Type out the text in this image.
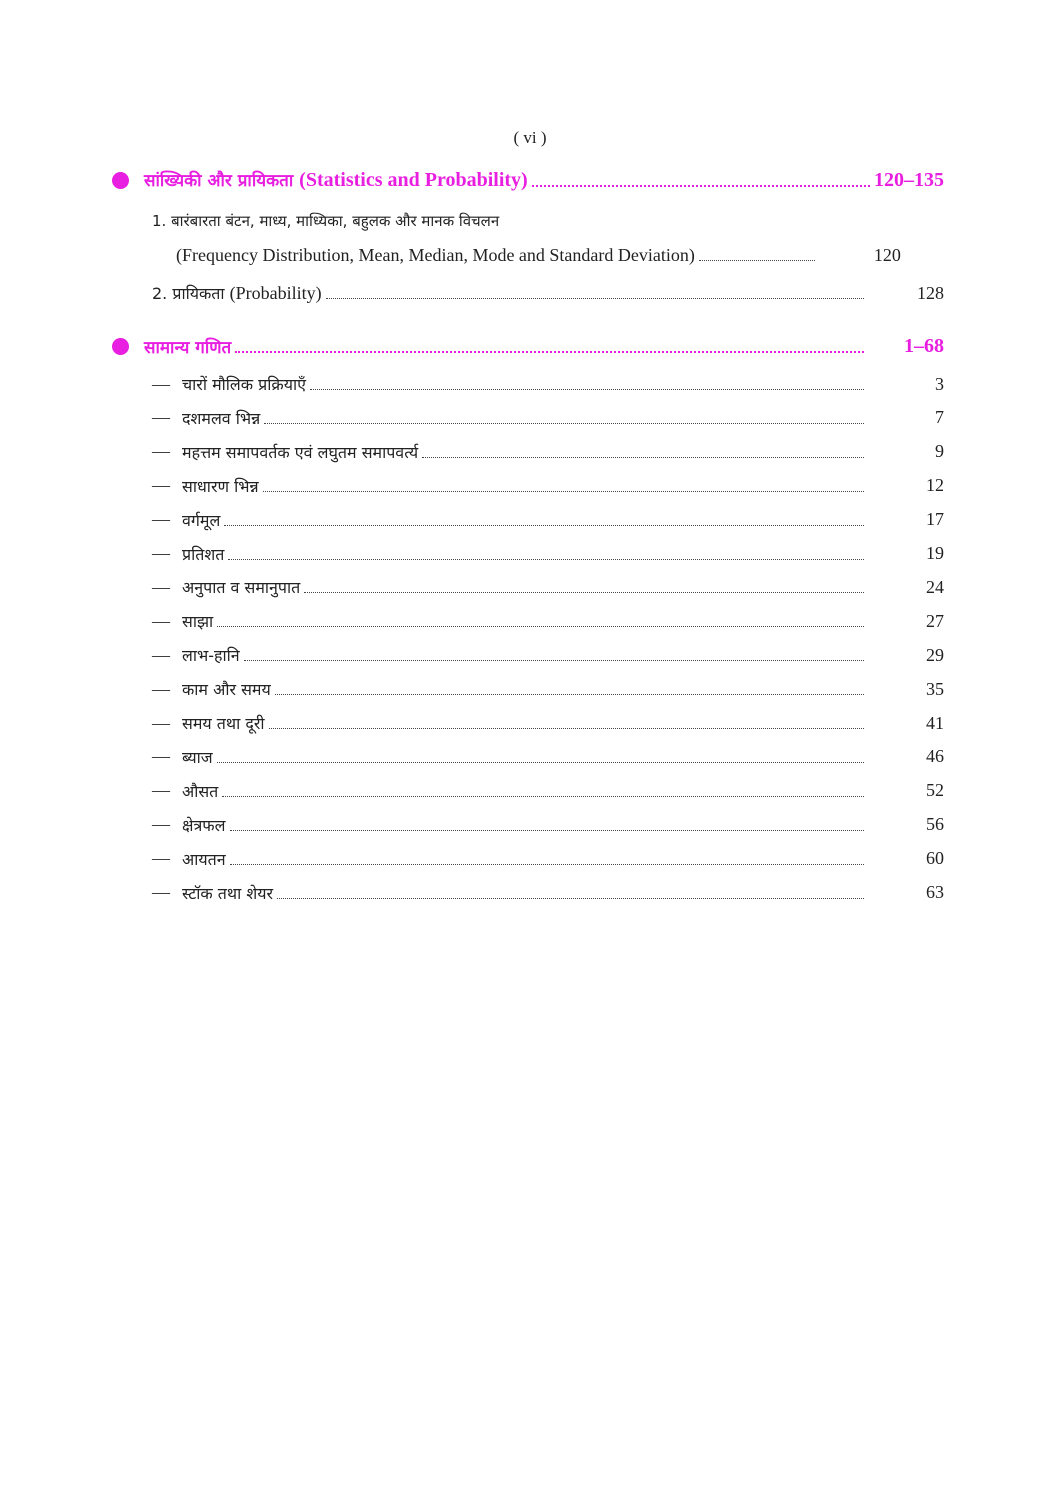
( vi )
सांख्यिकी और प्रायिकता (Statistics and Probability)	120–135
1. बारंबारता बंटन, माध्य, माध्यिका, बहुलक और मानक विचलन
(Frequency Distribution, Mean, Median, Mode and Standard Deviation)	120
2. प्रायिकता (Probability)	128
सामान्य गणित	1–68
— चारों मौलिक प्रक्रियाएँ	3
— दशमलव भिन्न	7
— महत्तम समापवर्तक एवं लघुतम समापवर्त्य	9
— साधारण भिन्न	12
— वर्गमूल	17
— प्रतिशत	19
— अनुपात व समानुपात	24
— साझा	27
— लाभ-हानि	29
— काम और समय	35
— समय तथा दूरी	41
— ब्याज	46
— औसत	52
— क्षेत्रफल	56
— आयतन	60
— स्टॉक तथा शेयर	63
